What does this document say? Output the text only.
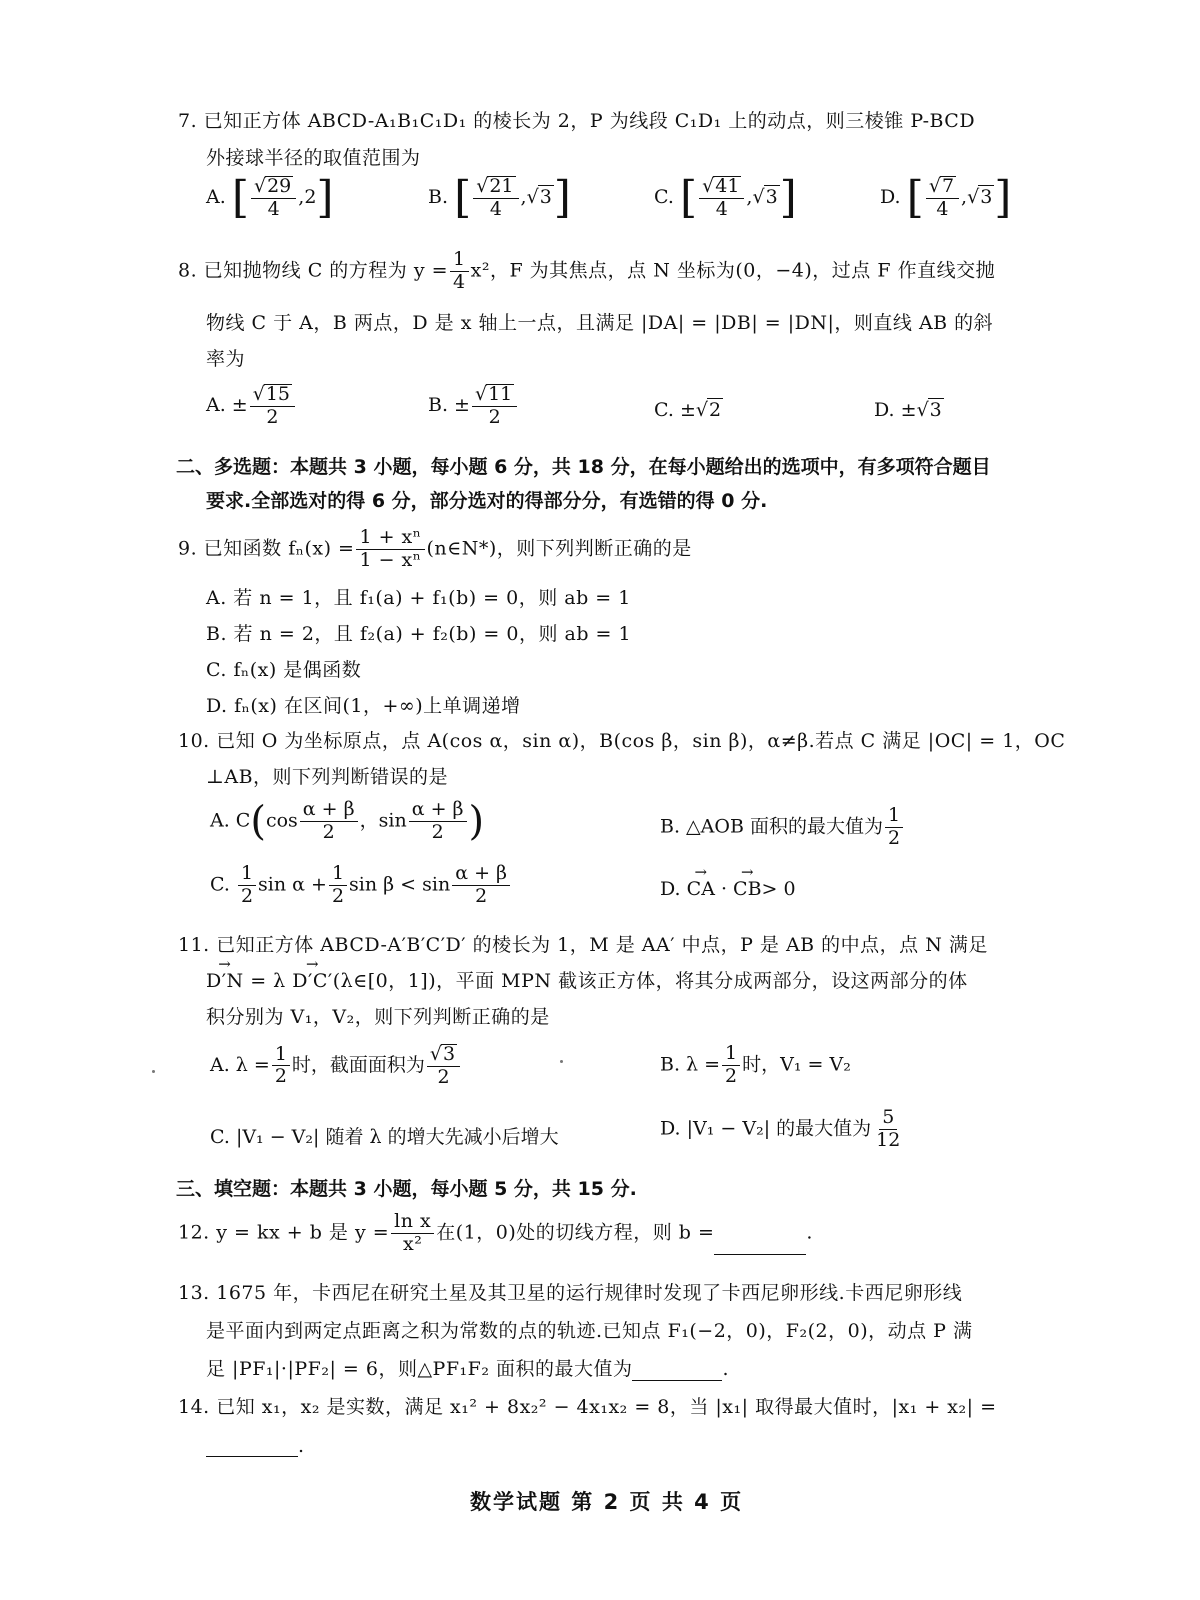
7. 已知正方体 ABCD-A₁B₁C₁D₁ 的棱长为 2，P 为线段 C₁D₁ 上的动点，则三棱锥 P-BCD
外接球半径的取值范围为
A. [ $\frac{√29}{4} ,2$]	B. [ $\frac{√21}{4} ,√3$]	C. [ $\frac{√41}{4} ,√3$]	D. [ $\frac{√7}{4} ,√3$]
8. 已知抛物线 C 的方程为 $y = \frac{1}{4} x^2$，F 为其焦点，点 N 坐标为(0，−4)，过点 F 作直线交抛
物线 C 于 A，B 两点，D 是 x 轴上一点，且满足 |DA| = |DB| = |DN|，则直线 AB 的斜
率为
A. ± $\frac{√15}{2}$	B. ± $\frac{√11}{2}$	C. ±√2	D. ±√3
二、多选题：本题共 3 小题，每小题 6 分，共 18 分，在每小题给出的选项中，有多项符合题目
要求.全部选对的得 6 分，部分选对的得部分分，有选错的得 0 分.
9. 已知函数 $f_n(x) = \frac{\text{1 + xⁿ}}{\text{1 − xⁿ}}$ (n∈N*)，则下列判断正确的是
A. 若 n = 1，且 f₁(a) + f₁(b) = 0，则 ab = 1
B. 若 n = 2，且 f₂(a) + f₂(b) = 0，则 ab = 1
C. fₙ(x) 是偶函数
D. fₙ(x) 在区间(1，+∞)上单调递增
10. 已知 O 为坐标原点，点 A(cos α，sin α)，B(cos β，sin β)，α≠β.若点 C 满足 |OC| = 1，OC
⊥AB，则下列判断错误的是
A. $C(\cos \frac{\alpha + \beta}{2}$ ，$\sin \frac{\alpha + \beta}{2}$ )	B. △AOB 面积的最大值为 $\frac{1}{2}$
C. $\frac{1}{2}$ $\sin \alpha + \frac{1}{2}$ $\sin \beta < \sin \frac{\alpha + \beta}{2}$	D. → CA · → CB> 0
11. 已知正方体 ABCD-A′B′C′D′ 的棱长为 1，M 是 AA′ 中点，P 是 AB 的中点，点 N 满足
→ D′N = λ → D′C′(λ∈[0，1])，平面 MPN 截该正方体，将其分成两部分，设这两部分的体
积分别为 V₁，V₂，则下列判断正确的是
A. $\lambda = \frac{1}{2}$ 时，截面面积为 $\frac{√3}{2}$	B. $\lambda = \frac{1}{2}$ 时，V₁ = V₂
C. |V₁ − V₂| 随着 λ 的增大先减小后增大	D. |V₁ − V₂| 的最大值为 $\frac{5}{12}$
三、填空题：本题共 3 小题，每小题 5 分，共 15 分.
12. y = kx + b 是 $y = \frac{\text{ln x}}{\text{x²}}$ 在(1，0)处的切线方程，则 b =	.
13. 1675 年，卡西尼在研究土星及其卫星的运行规律时发现了卡西尼卵形线.卡西尼卵形线
是平面内到两定点距离之积为常数的点的轨迹.已知点 F₁(−2，0)，F₂(2，0)，动点 P 满
足 |PF₁|·|PF₂| = 6，则△PF₁F₂ 面积的最大值为	.
14. 已知 x₁，x₂ 是实数，满足 x₁² + 8x₂² − 4x₁x₂ = 8，当 |x₁| 取得最大值时，|x₁ + x₂| =
.
数学试题 第 2 页 共 4 页
